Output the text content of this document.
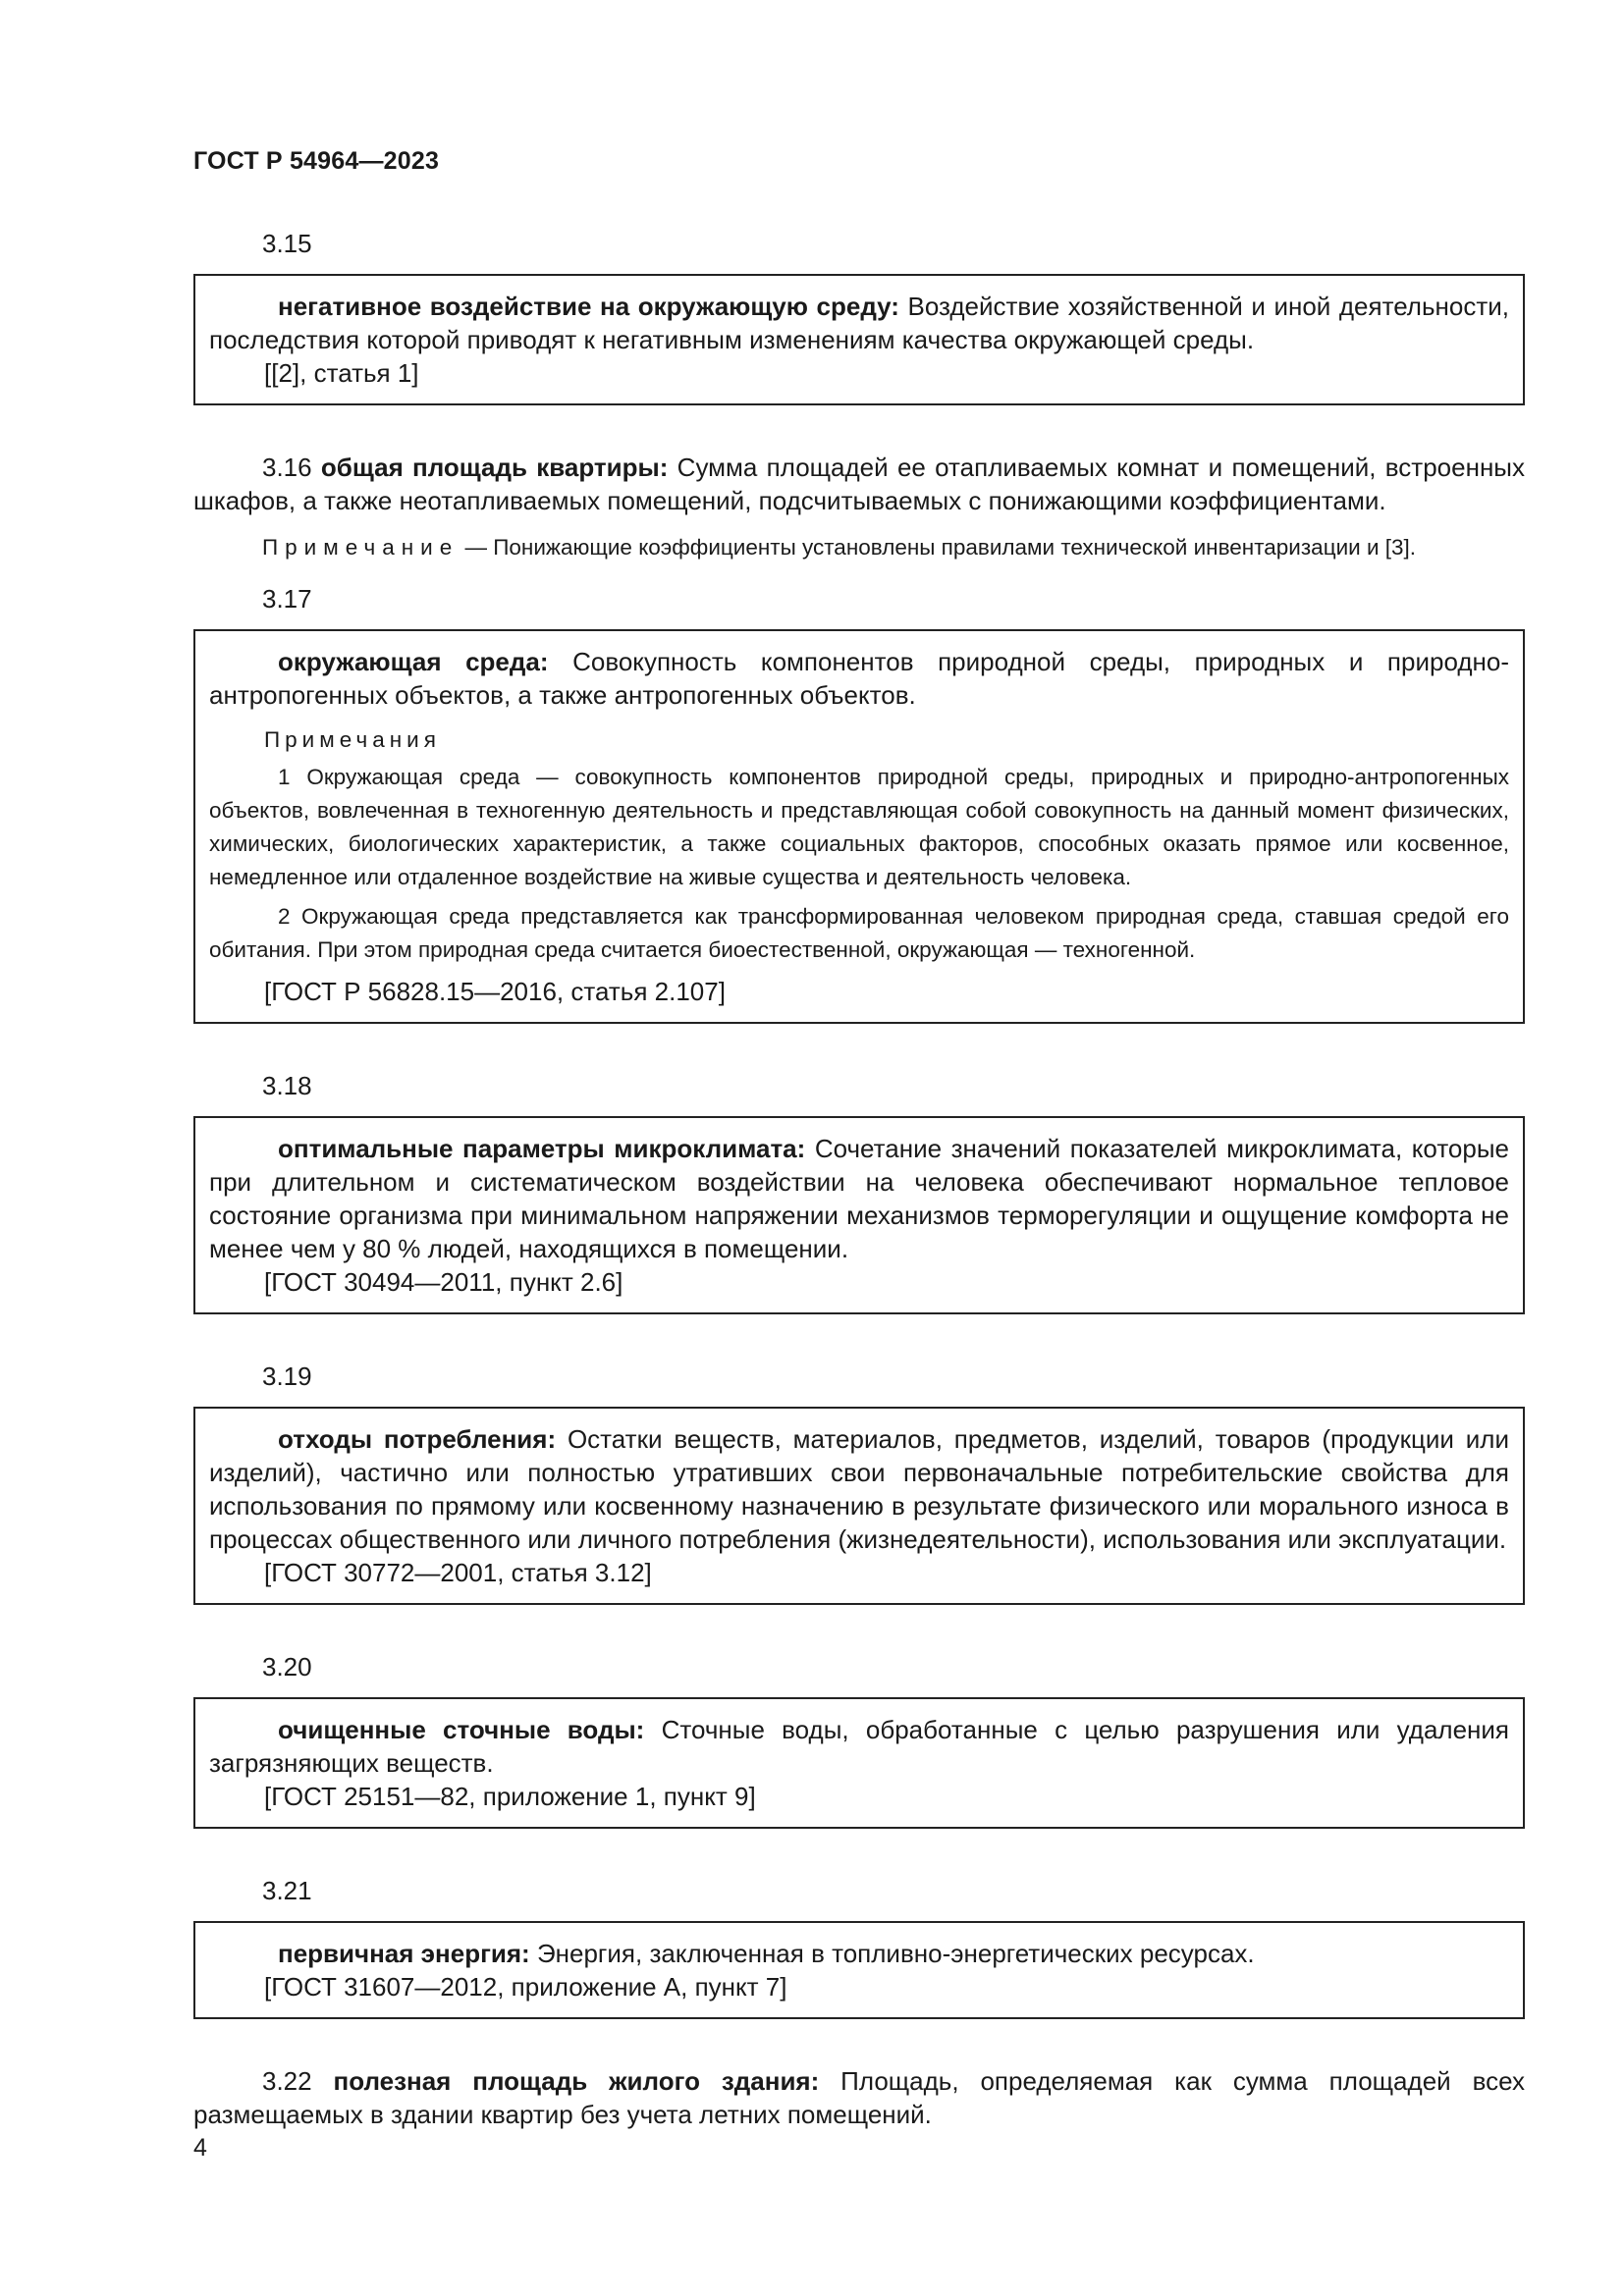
ГОСТ Р 54964—2023
3.15

негативное воздействие на окружающую среду: Воздействие хозяйственной и иной деятельности, последствия которой приводят к негативным изменениям качества окружающей среды.

[[2], статья 1]

3.16 общая площадь квартиры: Сумма площадей ее отапливаемых комнат и помещений, встроенных шкафов, а также неотапливаемых помещений, подсчитываемых с понижающими коэффициентами.

Примечание — Понижающие коэффициенты установлены правилами технической инвентаризации и [3].

3.17

окружающая среда: Совокупность компонентов природной среды, природных и природно-антропогенных объектов, а также антропогенных объектов.

Примечания

1 Окружающая среда — совокупность компонентов природной среды, природных и природно-антропогенных объектов, вовлеченная в техногенную деятельность и представляющая собой совокупность на данный момент физических, химических, биологических характеристик, а также социальных факторов, способных оказать прямое или косвенное, немедленное или отдаленное воздействие на живые существа и деятельность человека.

2 Окружающая среда представляется как трансформированная человеком природная среда, ставшая средой его обитания. При этом природная среда считается биоестественной, окружающая — техногенной.

[ГОСТ Р 56828.15—2016, статья 2.107]
3.18

оптимальные параметры микроклимата: Сочетание значений показателей микроклимата, которые при длительном и систематическом воздействии на человека обеспечивают нормальное тепловое состояние организма при минимальном напряжении механизмов терморегуляции и ощущение комфорта не менее чем у 80 % людей, находящихся в помещении.

[ГОСТ 30494—2011, пункт 2.6]
3.19

отходы потребления: Остатки веществ, материалов, предметов, изделий, товаров (продукции или изделий), частично или полностью утративших свои первоначальные потребительские свойства для использования по прямому или косвенному назначению в результате физического или морального износа в процессах общественного или личного потребления (жизнедеятельности), использования или эксплуатации.

[ГОСТ 30772—2001, статья 3.12]
3.20

очищенные сточные воды: Сточные воды, обработанные с целью разрушения или удаления загрязняющих веществ.

[ГОСТ 25151—82, приложение 1, пункт 9]
3.21

первичная энергия: Энергия, заключенная в топливно-энергетических ресурсах.

[ГОСТ 31607—2012, приложение А, пункт 7]

3.22 полезная площадь жилого здания: Площадь, определяемая как сумма площадей всех размещаемых в здании квартир без учета летних помещений.

4
